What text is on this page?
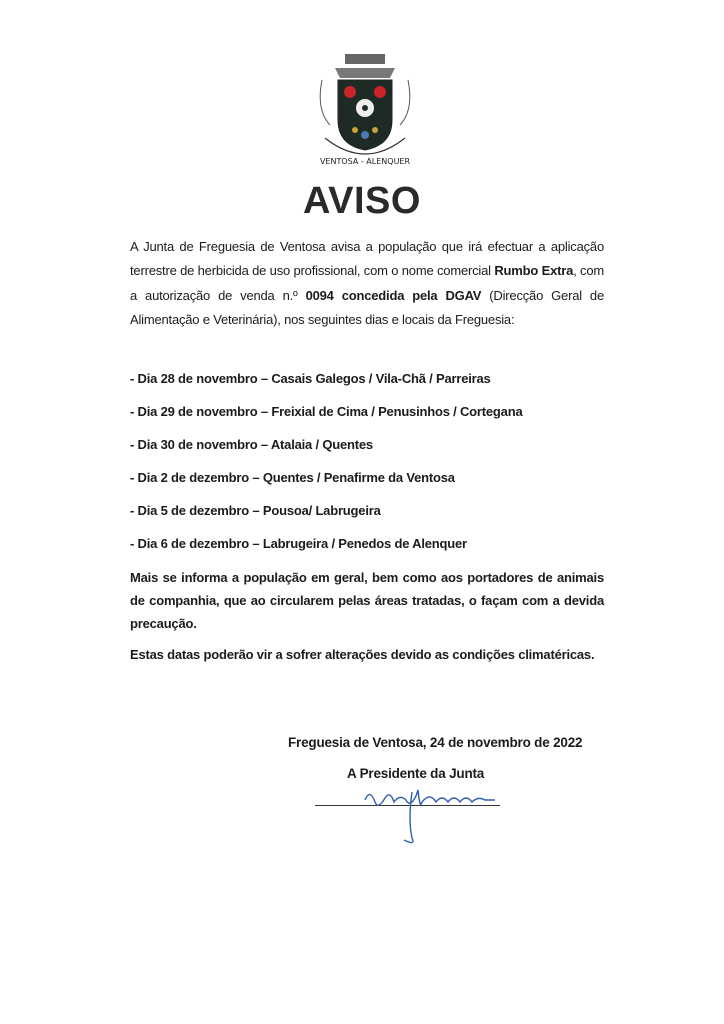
VENTOSA - ALENQUER
AVISO

A Junta de Freguesia de Ventosa avisa a população que irá efectuar a aplicação terrestre de herbicida de uso profissional, com o nome comercial Rumbo Extra, com a autorização de venda n.º 0094 concedida pela DGAV (Direcção Geral de Alimentação e Veterinária), nos seguintes dias e locais da Freguesia:

- Dia 28 de novembro – Casais Galegos / Vila-Chã / Parreiras
- Dia 29 de novembro – Freixial de Cima / Penusinhos / Cortegana
- Dia 30 de novembro – Atalaia / Quentes
- Dia 2 de dezembro – Quentes / Penafirme da Ventosa
- Dia 5 de dezembro – Pousoa/ Labrugeira
- Dia 6 de dezembro – Labrugeira / Penedos de Alenquer

Mais se informa a população em geral, bem como aos portadores de animais de companhia, que ao circularem pelas áreas tratadas, o façam com a devida precaução.

Estas datas poderão vir a sofrer alterações devido as condições climatéricas.

Freguesia de Ventosa, 24 de novembro de 2022
A Presidente da Junta
